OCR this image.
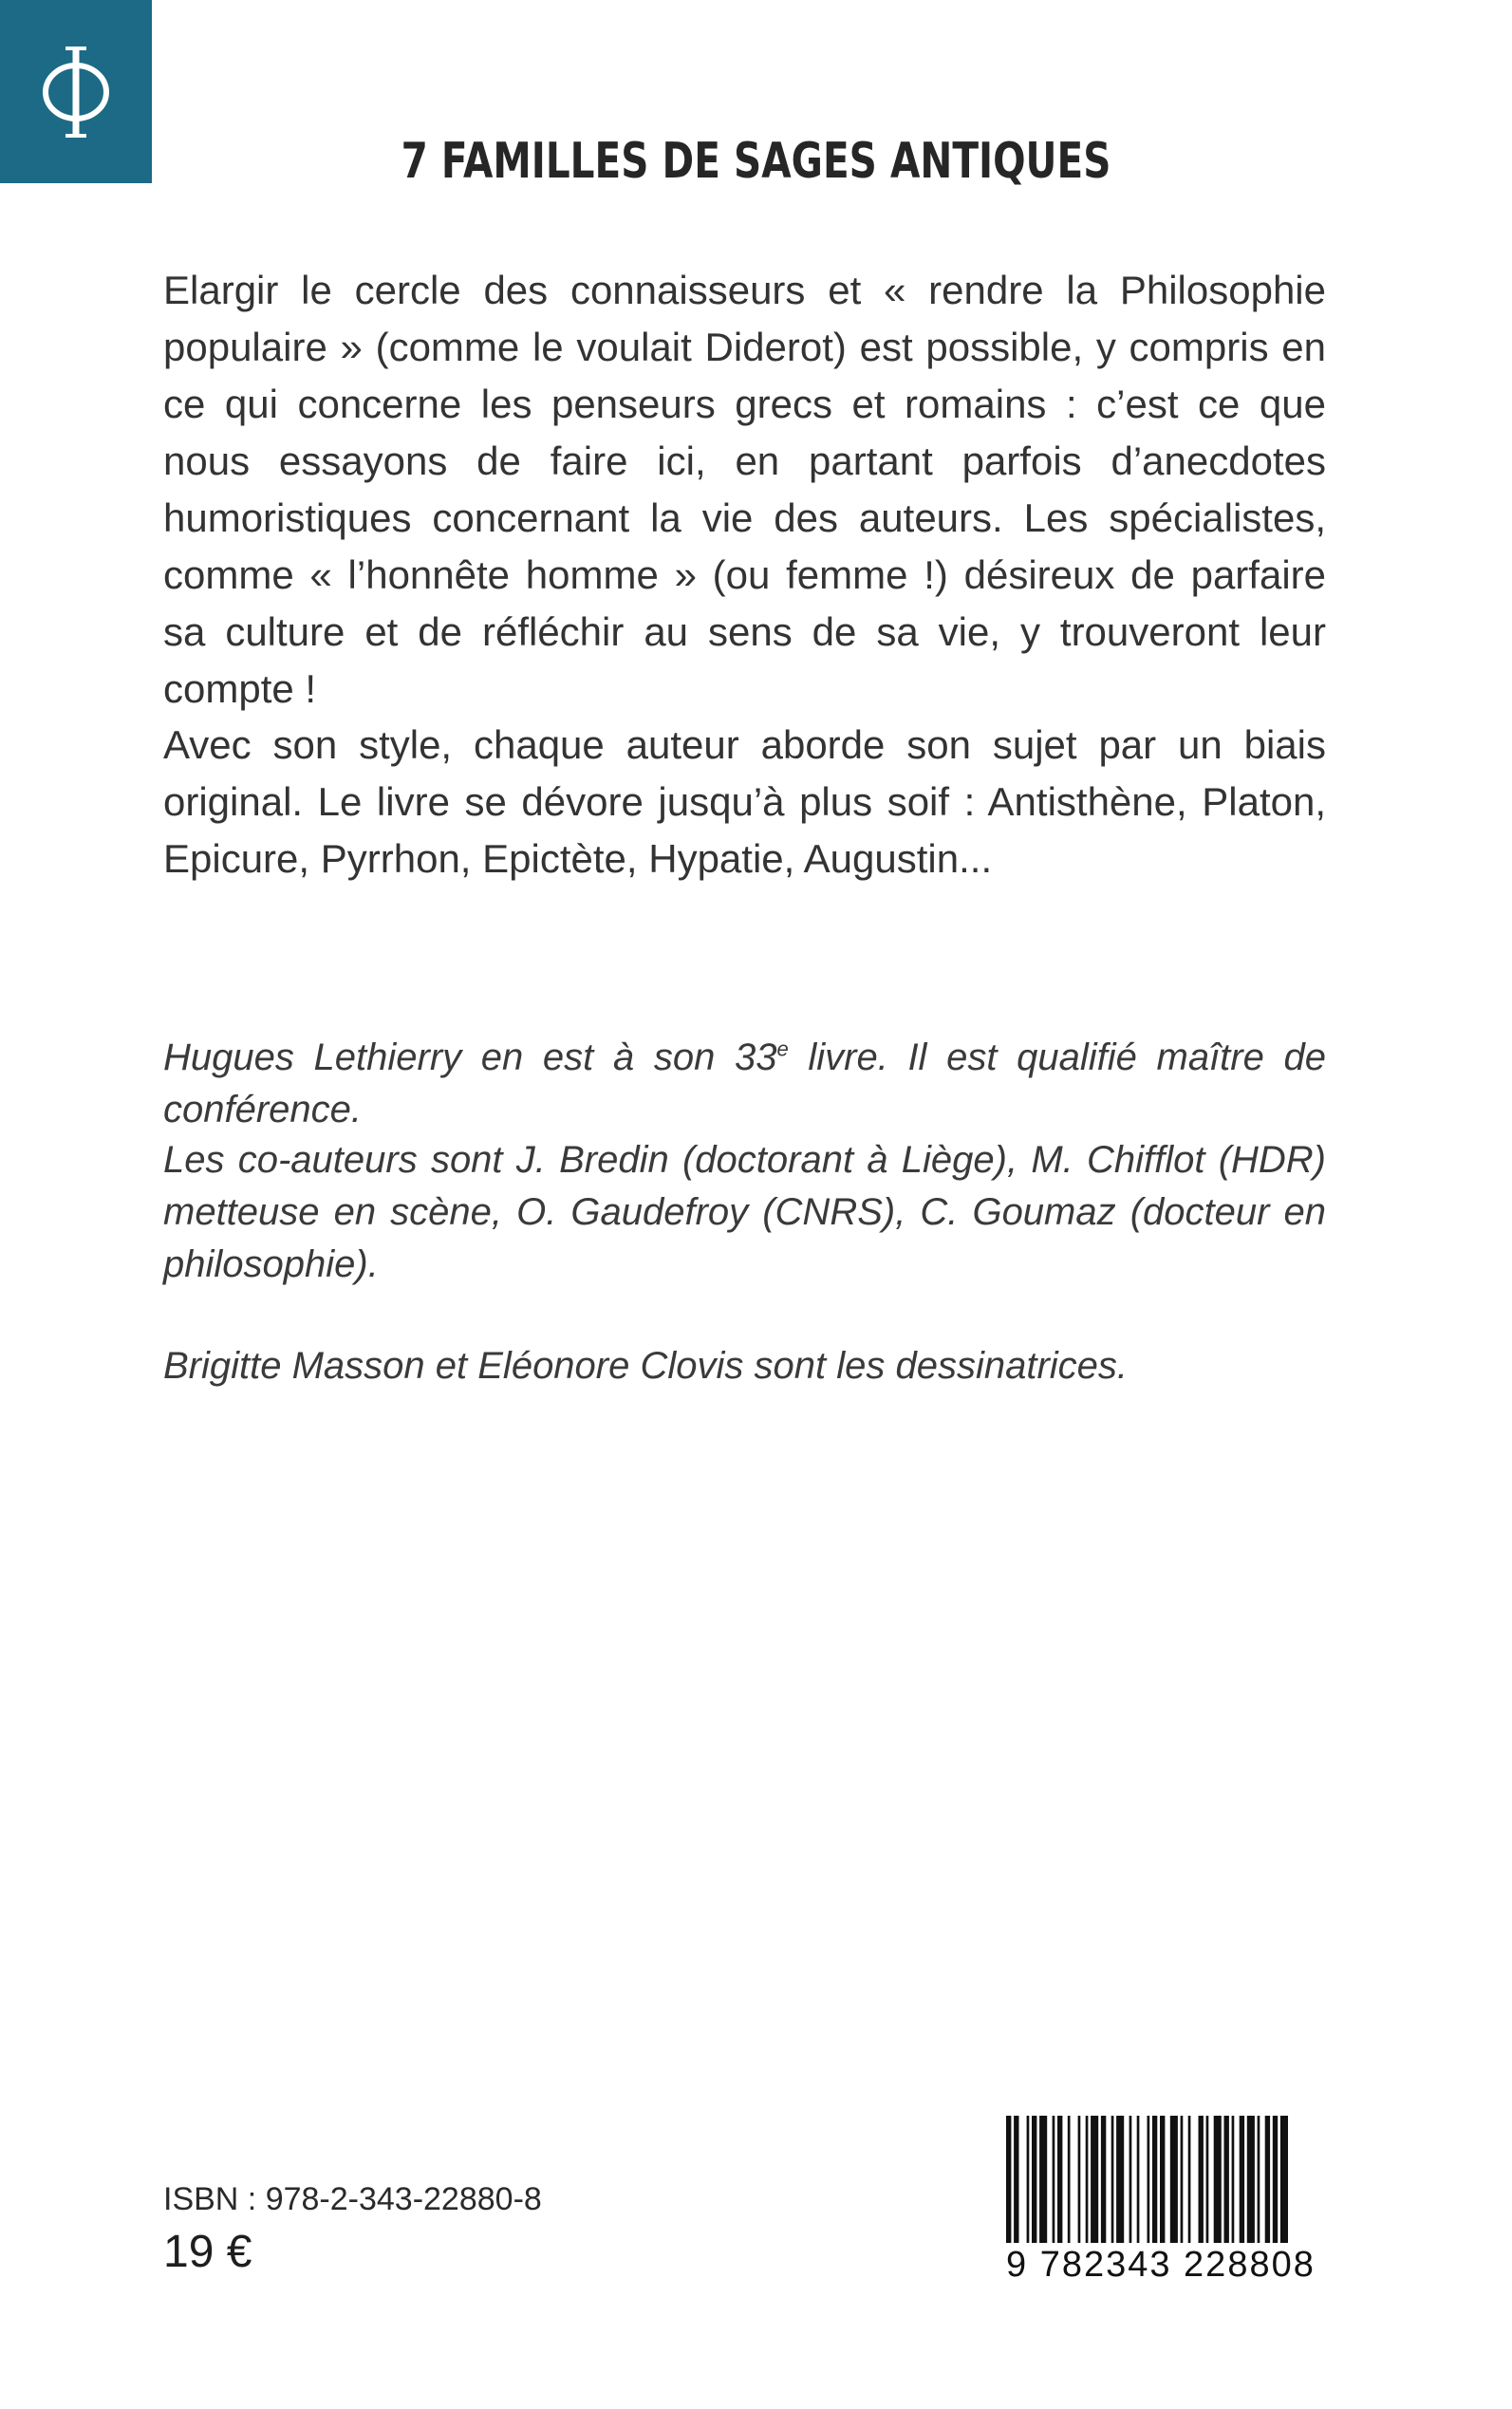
7 FAMILLES DE SAGES ANTIQUES

Elargir le cercle des connaisseurs et « rendre la Philosophie populaire » (comme le voulait Diderot) est possible, y compris en ce qui concerne les penseurs grecs et romains : c’est ce que nous essayons de faire ici, en partant parfois d’anecdotes humoristiques concernant la vie des auteurs. Les spécialistes, comme « l’honnête homme » (ou femme !) désireux de parfaire sa culture et de réfléchir au sens de sa vie, y trouveront leur compte !

Avec son style, chaque auteur aborde son sujet par un biais original. Le livre se dévore jusqu’à plus soif : Antisthène, Platon, Epicure, Pyrrhon, Epictète, Hypatie, Augustin...

Hugues Lethierry en est à son 33e livre. Il est qualifié maître de conférence.

Les co-auteurs sont J. Bredin (doctorant à Liège), M. Chifflot (HDR) metteuse en scène, O. Gaudefroy (CNRS), C. Goumaz (docteur en philosophie).

Brigitte Masson et Eléonore Clovis sont les dessinatrices.

ISBN : 978-2-343-22880-8
19 €	9 782343 228808
